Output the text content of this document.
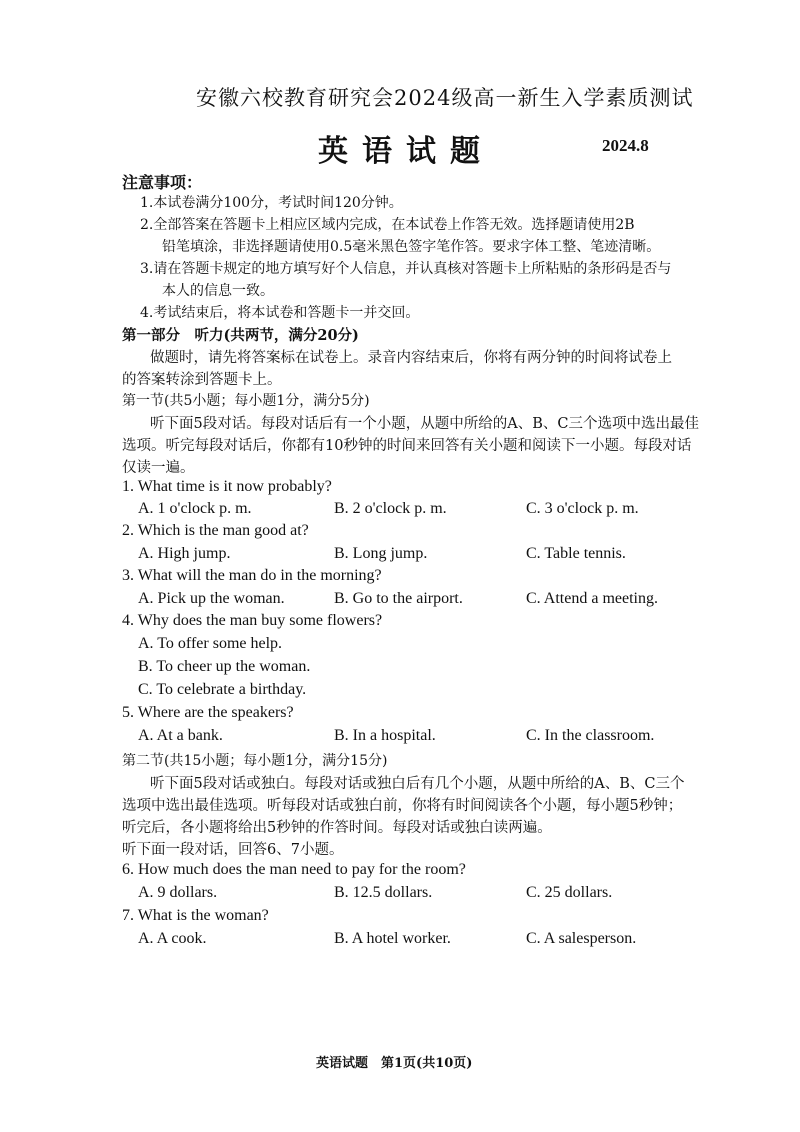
安徽六校教育研究会2024级高一新生入学素质测试
英语试题	2024.8
注意事项：
1.本试卷满分100分，考试时间120分钟。
2.全部答案在答题卡上相应区域内完成，在本试卷上作答无效。选择题请使用2B
铅笔填涂，非选择题请使用0.5毫米黑色签字笔作答。要求字体工整、笔迹清晰。
3.请在答题卡规定的地方填写好个人信息，并认真核对答题卡上所粘贴的条形码是否与
本人的信息一致。
4.考试结束后，将本试卷和答题卡一并交回。
第一部分　听力(共两节，满分20分)
做题时，请先将答案标在试卷上。录音内容结束后，你将有两分钟的时间将试卷上
的答案转涂到答题卡上。
第一节(共5小题；每小题1分，满分5分)
听下面5段对话。每段对话后有一个小题，从题中所给的A、B、C三个选项中选出最佳
选项。听完每段对话后，你都有10秒钟的时间来回答有关小题和阅读下一小题。每段对话
仅读一遍。
1. What time is it now probably?
A. 1 o'clock p. m.	B. 2 o'clock p. m.	C. 3 o'clock p. m.
2. Which is the man good at?
A. High jump.	B. Long jump.	C. Table tennis.
3. What will the man do in the morning?
A. Pick up the woman.	B. Go to the airport.	C. Attend a meeting.
4. Why does the man buy some flowers?
A. To offer some help.
B. To cheer up the woman.
C. To celebrate a birthday.
5. Where are the speakers?
A. At a bank.	B. In a hospital.	C. In the classroom.
第二节(共15小题；每小题1分，满分15分)
听下面5段对话或独白。每段对话或独白后有几个小题，从题中所给的A、B、C三个
选项中选出最佳选项。听每段对话或独白前，你将有时间阅读各个小题，每小题5秒钟；
听完后，各小题将给出5秒钟的作答时间。每段对话或独白读两遍。
听下面一段对话，回答6、7小题。
6. How much does the man need to pay for the room?
A. 9 dollars.	B. 12.5 dollars.	C. 25 dollars.
7. What is the woman?
A. A cook.	B. A hotel worker.	C. A salesperson.
英语试题　第1页(共10页)
